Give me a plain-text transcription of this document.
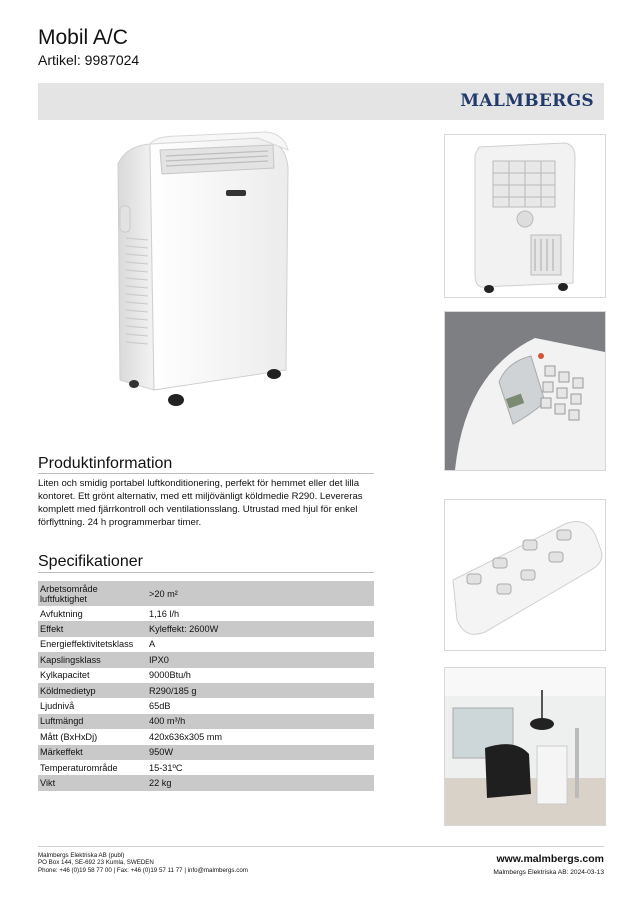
Mobil A/C
Artikel: 9987024
MALMBERGS
Produktinformation
Liten och smidig portabel luftkonditionering, perfekt för hemmet eller det lilla kontoret. Ett grönt alternativ, med ett miljövänligt köldmedie R290. Levereras komplett med fjärrkontroll och ventilationsslang. Utrustad med hjul för enkel förflyttning. 24 h programmerbar timer.
Specifikationer
Arbetsområde luftfuktighet	>20 m²
Avfuktning	1,16 l/h
Effekt	Kyleffekt: 2600W
Energieffektivitetsklass	A
Kapslingsklass	IPX0
Kylkapacitet	9000Btu/h
Köldmedietyp	R290/185 g
Ljudnivå	65dB
Luftmängd	400 m³/h
Mått (BxHxDj)	420x636x305 mm
Märkeffekt	950W
Temperaturområde	15-31ºC
Vikt	22 kg
Malmbergs Elektriska AB (publ)
PO Box 144, SE-692 23 Kumla, SWEDEN
Phone: +46 (0)19 58 77 00 | Fax: +46 (0)19 57 11 77 | info@malmbergs.com
www.malmbergs.com
Malmbergs Elektriska AB: 2024-03-13
